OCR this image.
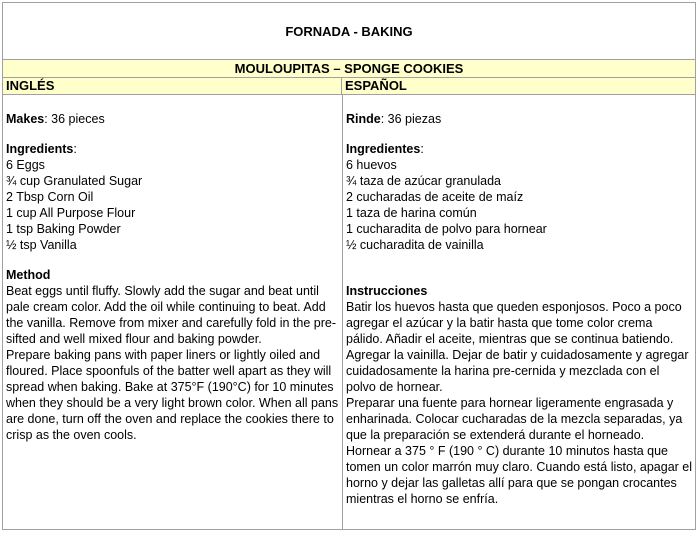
FORNADA - BAKING
MOULOUPITAS – SPONGE COOKIES
INGLÉS	ESPAÑOL
Makes: 36 pieces
Ingredients:
6 Eggs
¾ cup Granulated Sugar
2 Tbsp Corn Oil
1 cup All Purpose Flour
1 tsp Baking Powder
½ tsp Vanilla
Method
Beat eggs until fluffy. Slowly add the sugar and beat until pale cream color. Add the oil while continuing to beat. Add the vanilla. Remove from mixer and carefully fold in the pre-sifted and well mixed flour and baking powder.
Prepare baking pans with paper liners or lightly oiled and floured. Place spoonfuls of the batter well apart as they will spread when baking. Bake at 375°F (190°C) for 10 minutes when they should be a very light brown color. When all pans are done, turn off the oven and replace the cookies there to crisp as the oven cools.
Rinde: 36 piezas
Ingredientes:
6 huevos
¾ taza de azúcar granulada
2 cucharadas de aceite de maíz
1 taza de harina común
1 cucharadita de polvo para hornear
½ cucharadita de vainilla
Instrucciones
Batir los huevos hasta que queden esponjosos. Poco a poco agregar el azúcar y la batir hasta que tome color crema pálido. Añadir el aceite, mientras que se continua batiendo. Agregar la vainilla. Dejar de batir y cuidadosamente y agregar cuidadosamente la harina pre-cernida y mezclada con el polvo de hornear.
Preparar una fuente para hornear ligeramente engrasada y enharinada. Colocar cucharadas de la mezcla separadas, ya que la preparación se extenderá durante el horneado. Hornear a 375 ° F (190 ° C) durante 10 minutos hasta que tomen un color marrón muy claro. Cuando está listo, apagar el horno y dejar las galletas allí para que se pongan crocantes mientras el horno se enfría.
